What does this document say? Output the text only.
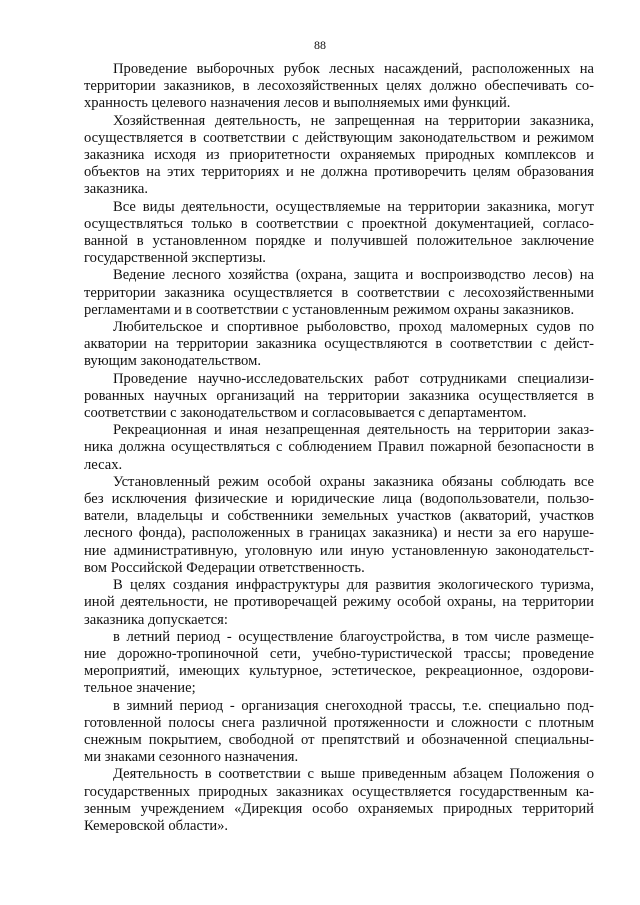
88

Проведение выборочных рубок лесных насаждений, расположенных на
территории заказников, в лесохозяйственных целях должно обеспечивать со-
хранность целевого назначения лесов и выполняемых ими функций.

Хозяйственная деятельность, не запрещенная на территории заказника,
осуществляется в соответствии с действующим законодательством и режимом
заказника исходя из приоритетности охраняемых природных комплексов и
объектов на этих территориях и не должна противоречить целям образования
заказника.

Все виды деятельности, осуществляемые на территории заказника, могут
осуществляться только в соответствии с проектной документацией, согласо-
ванной в установленном порядке и получившей положительное заключение
государственной экспертизы.

Ведение лесного хозяйства (охрана, защита и воспроизводство лесов) на
территории заказника осуществляется в соответствии с лесохозяйственными
регламентами и в соответствии с установленным режимом охраны заказников.

Любительское и спортивное рыболовство, проход маломерных судов по
акватории на территории заказника осуществляются в соответствии с дейст-
вующим законодательством.

Проведение научно-исследовательских работ сотрудниками специализи-
рованных научных организаций на территории заказника осуществляется в
соответствии с законодательством и согласовывается с департаментом.

Рекреационная и иная незапрещенная деятельность на территории заказ-
ника должна осуществляться с соблюдением Правил пожарной безопасности в
лесах.

Установленный режим особой охраны заказника обязаны соблюдать все
без исключения физические и юридические лица (водопользователи, пользо-
ватели, владельцы и собственники земельных участков (акваторий, участков
лесного фонда), расположенных в границах заказника) и нести за его наруше-
ние административную, уголовную или иную установленную законодательст-
вом Российской Федерации ответственность.

В целях создания инфраструктуры для развития экологического туризма,
иной деятельности, не противоречащей режиму особой охраны, на территории
заказника допускается:

в летний период - осуществление благоустройства, в том числе размеще-
ние дорожно-тропиночной сети, учебно-туристической трассы; проведение
мероприятий, имеющих культурное, эстетическое, рекреационное, оздорови-
тельное значение;

в зимний период - организация снегоходной трассы, т.е. специально под-
готовленной полосы снега различной протяженности и сложности с плотным
снежным покрытием, свободной от препятствий и обозначенной специальны-
ми знаками сезонного назначения.

Деятельность в соответствии с выше приведенным абзацем Положения о
государственных природных заказниках осуществляется государственным ка-
зенным учреждением «Дирекция особо охраняемых природных территорий
Кемеровской области».
